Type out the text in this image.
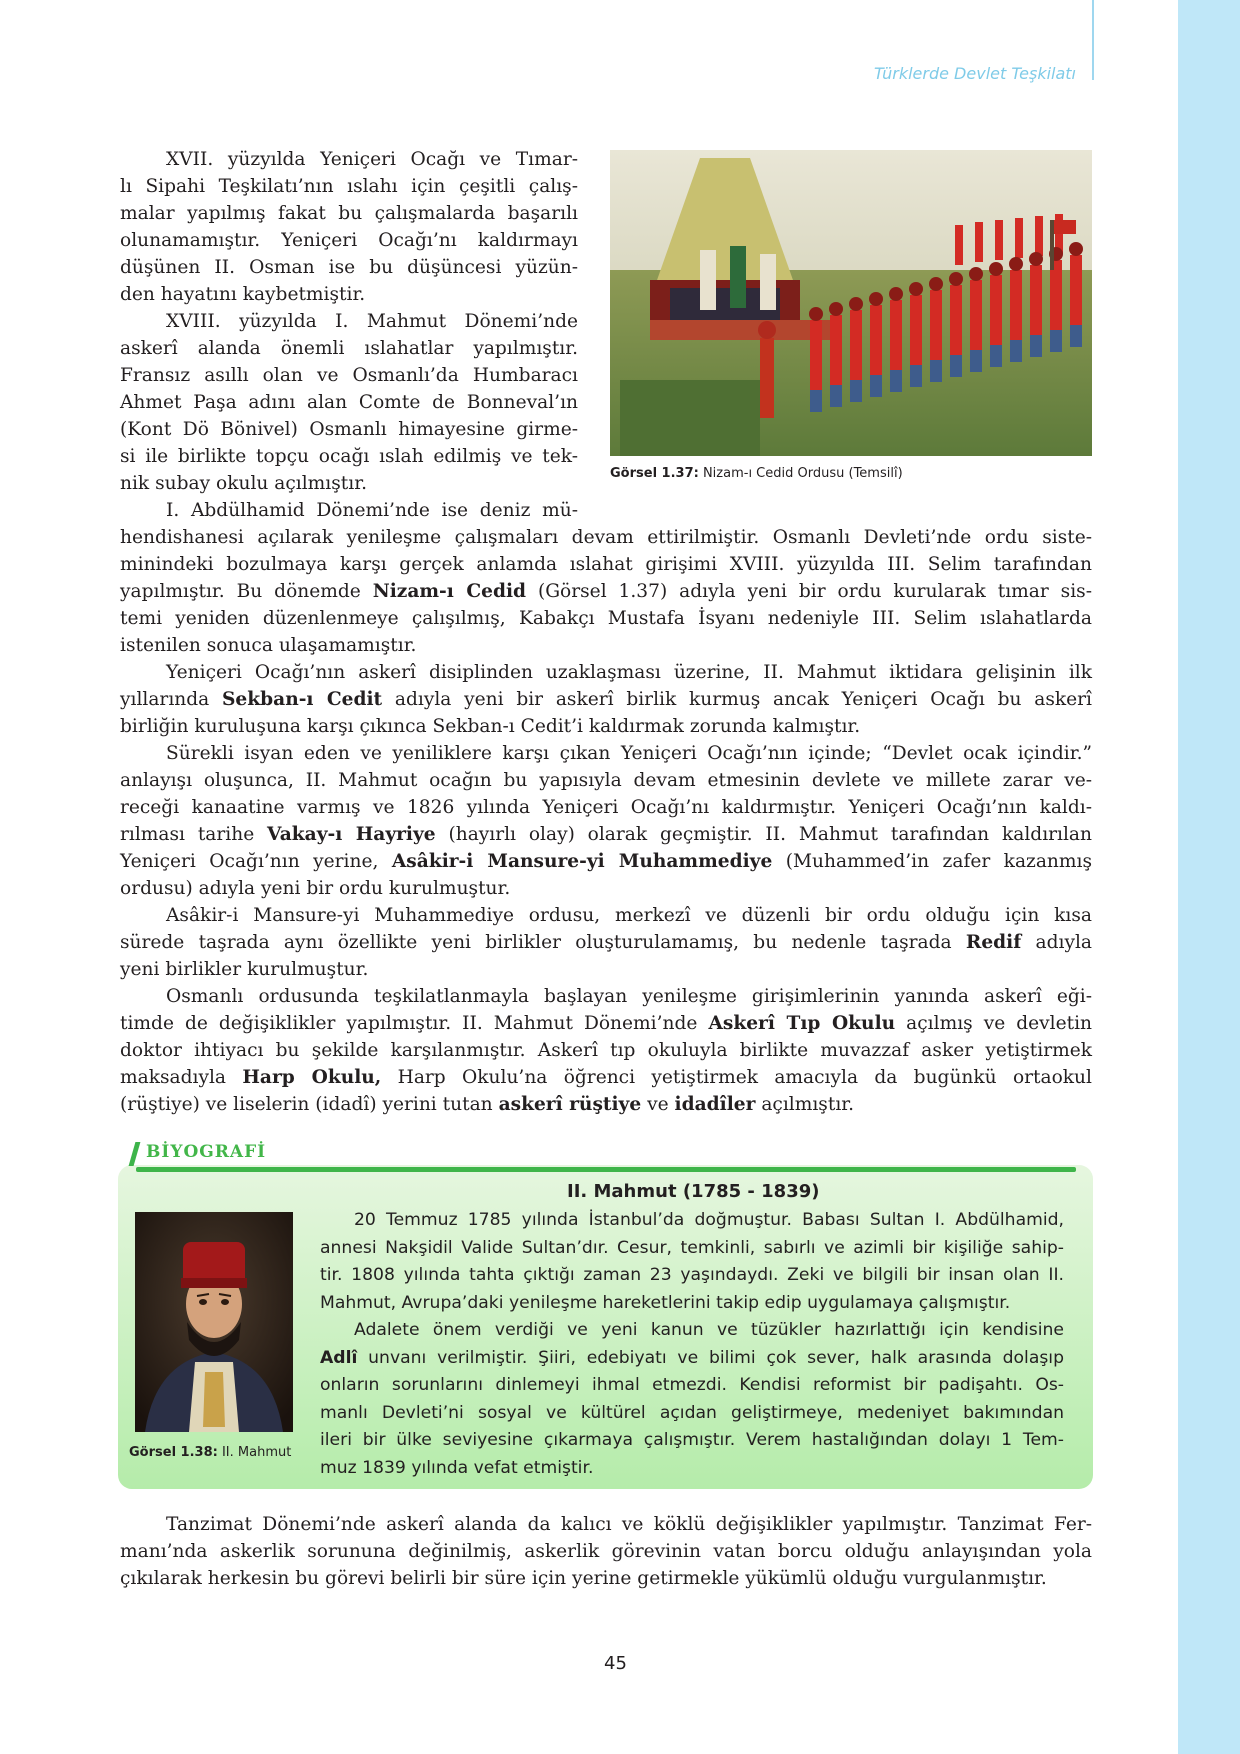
Türklerde Devlet Teşkilatı

XVII. yüzyılda Yeniçeri Ocağı ve Tımar-

lı Sipahi Teşkilatı’nın ıslahı için çeşitli çalış-

malar yapılmış fakat bu çalışmalarda başarılı

olunamamıştır. Yeniçeri Ocağı’nı kaldırmayı

düşünen II. Osman ise bu düşüncesi yüzün-

den hayatını kaybetmiştir.

XVIII. yüzyılda I. Mahmut Dönemi’nde

askerî alanda önemli ıslahatlar yapılmıştır.

Fransız asıllı olan ve Osmanlı’da Humbaracı

Ahmet Paşa adını alan Comte de Bonneval’ın

(Kont Dö Bönivel) Osmanlı himayesine girme-

si ile birlikte topçu ocağı ıslah edilmiş ve tek-

nik subay okulu açılmıştır.

I. Abdülhamid Dönemi’nde ise deniz mü-

Görsel 1.37: Nizam-ı Cedid Ordusu (Temsilî)

hendishanesi açılarak yenileşme çalışmaları devam ettirilmiştir. Osmanlı Devleti’nde ordu siste-

minindeki bozulmaya karşı gerçek anlamda ıslahat girişimi XVIII. yüzyılda III. Selim tarafından

yapılmıştır. Bu dönemde Nizam-ı Cedid (Görsel 1.37) adıyla yeni bir ordu kurularak tımar sis-

temi yeniden düzenlenmeye çalışılmış, Kabakçı Mustafa İsyanı nedeniyle III. Selim ıslahatlarda

istenilen sonuca ulaşamamıştır.

Yeniçeri Ocağı’nın askerî disiplinden uzaklaşması üzerine, II. Mahmut iktidara gelişinin ilk

yıllarında Sekban-ı Cedit adıyla yeni bir askerî birlik kurmuş ancak Yeniçeri Ocağı bu askerî

birliğin kuruluşuna karşı çıkınca Sekban-ı Cedit’i kaldırmak zorunda kalmıştır.

Sürekli isyan eden ve yeniliklere karşı çıkan Yeniçeri Ocağı’nın içinde; “Devlet ocak içindir.”

anlayışı oluşunca, II. Mahmut ocağın bu yapısıyla devam etmesinin devlete ve millete zarar ve-

receği kanaatine varmış ve 1826 yılında Yeniçeri Ocağı’nı kaldırmıştır. Yeniçeri Ocağı’nın kaldı-

rılması tarihe Vakay-ı Hayriye (hayırlı olay) olarak geçmiştir. II. Mahmut tarafından kaldırılan

Yeniçeri Ocağı’nın yerine, Asâkir-i Mansure-yi Muhammediye (Muhammed’in zafer kazanmış

ordusu) adıyla yeni bir ordu kurulmuştur.

Asâkir-i Mansure-yi Muhammediye ordusu, merkezî ve düzenli bir ordu olduğu için kısa

sürede taşrada aynı özellikte yeni birlikler oluşturulamamış, bu nedenle taşrada Redif adıyla

yeni birlikler kurulmuştur.

Osmanlı ordusunda teşkilatlanmayla başlayan yenileşme girişimlerinin yanında askerî eği-

timde de değişiklikler yapılmıştır. II. Mahmut Dönemi’nde Askerî Tıp Okulu açılmış ve devletin

doktor ihtiyacı bu şekilde karşılanmıştır. Askerî tıp okuluyla birlikte muvazzaf asker yetiştirmek

maksadıyla Harp Okulu, Harp Okulu’na öğrenci yetiştirmek amacıyla da bugünkü ortaokul

(rüştiye) ve liselerin (idadî) yerini tutan askerî rüştiye ve idadîler açılmıştır.

BİYOGRAFİ
II. Mahmut (1785 - 1839)
Görsel 1.38: II. Mahmut

20 Temmuz 1785 yılında İstanbul’da doğmuştur. Babası Sultan I. Abdülhamid,

annesi Nakşidil Valide Sultan’dır. Cesur, temkinli, sabırlı ve azimli bir kişiliğe sahip-

tir. 1808 yılında tahta çıktığı zaman 23 yaşındaydı. Zeki ve bilgili bir insan olan II.

Mahmut, Avrupa’daki yenileşme hareketlerini takip edip uygulamaya çalışmıştır.

Adalete önem verdiği ve yeni kanun ve tüzükler hazırlattığı için kendisine

Adlî unvanı verilmiştir. Şiiri, edebiyatı ve bilimi çok sever, halk arasında dolaşıp

onların sorunlarını dinlemeyi ihmal etmezdi. Kendisi reformist bir padişahtı. Os-

manlı Devleti’ni sosyal ve kültürel açıdan geliştirmeye, medeniyet bakımından

ileri bir ülke seviyesine çıkarmaya çalışmıştır. Verem hastalığından dolayı 1 Tem-

muz 1839 yılında vefat etmiştir.

Tanzimat Dönemi’nde askerî alanda da kalıcı ve köklü değişiklikler yapılmıştır. Tanzimat Fer-

manı’nda askerlik sorununa değinilmiş, askerlik görevinin vatan borcu olduğu anlayışından yola

çıkılarak herkesin bu görevi belirli bir süre için yerine getirmekle yükümlü olduğu vurgulanmıştır.

45
